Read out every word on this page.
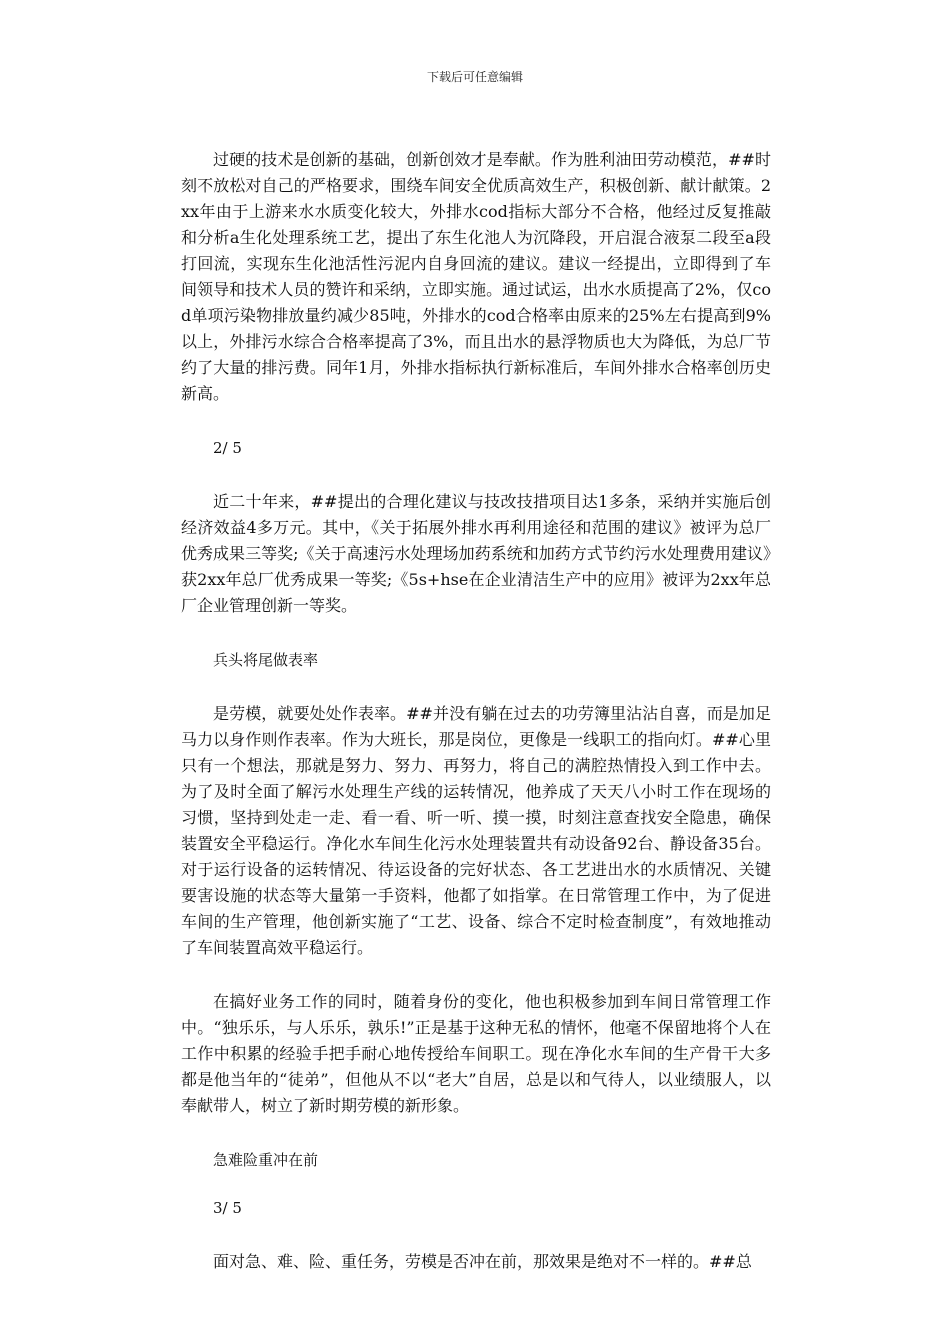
下载后可任意编辑

过硬的技术是创新的基础，创新创效才是奉献。作为胜利油田劳动模范，##时刻不放松对自己的严格要求，围绕车间安全优质高效生产，积极创新、献计献策。2xx年由于上游来水水质变化较大，外排水cod指标大部分不合格，他经过反复推敲和分析a生化处理系统工艺，提出了东生化池人为沉降段，开启混合液泵二段至a段打回流，实现东生化池活性污泥内自身回流的建议。建议一经提出，立即得到了车间领导和技术人员的赞许和采纳，立即实施。通过试运，出水水质提高了2%，仅cod单项污染物排放量约减少85吨，外排水的cod合格率由原来的25%左右提高到9%以上，外排污水综合合格率提高了3%，而且出水的悬浮物质也大为降低，为总厂节约了大量的排污费。同年1月，外排水指标执行新标准后，车间外排水合格率创历史新高。

2/ 5

近二十年来，##提出的合理化建议与技改技措项目达1多条，采纳并实施后创经济效益4多万元。其中，《关于拓展外排水再利用途径和范围的建议》被评为总厂优秀成果三等奖;《关于高速污水处理场加药系统和加药方式节约污水处理费用建议》获2xx年总厂优秀成果一等奖;《5s+hse在企业清洁生产中的应用》被评为2xx年总厂企业管理创新一等奖。

兵头将尾做表率

是劳模，就要处处作表率。##并没有躺在过去的功劳簿里沾沾自喜，而是加足马力以身作则作表率。作为大班长，那是岗位，更像是一线职工的指向灯。##心里只有一个想法，那就是努力、努力、再努力，将自己的满腔热情投入到工作中去。为了及时全面了解污水处理生产线的运转情况，他养成了天天八小时工作在现场的习惯，坚持到处走一走、看一看、听一听、摸一摸，时刻注意查找安全隐患，确保装置安全平稳运行。净化水车间生化污水处理装置共有动设备92台、静设备35台。对于运行设备的运转情况、待运设备的完好状态、各工艺进出水的水质情况、关键要害设施的状态等大量第一手资料，他都了如指掌。在日常管理工作中，为了促进车间的生产管理，他创新实施了“工艺、设备、综合不定时检查制度”，有效地推动了车间装置高效平稳运行。

在搞好业务工作的同时，随着身份的变化，他也积极参加到车间日常管理工作中。“独乐乐，与人乐乐，孰乐!”正是基于这种无私的情怀，他毫不保留地将个人在工作中积累的经验手把手耐心地传授给车间职工。现在净化水车间的生产骨干大多都是他当年的“徒弟”，但他从不以“老大”自居，总是以和气待人，以业绩服人，以奉献带人，树立了新时期劳模的新形象。

急难险重冲在前

3/ 5

面对急、难、险、重任务，劳模是否冲在前，那效果是绝对不一样的。##总
